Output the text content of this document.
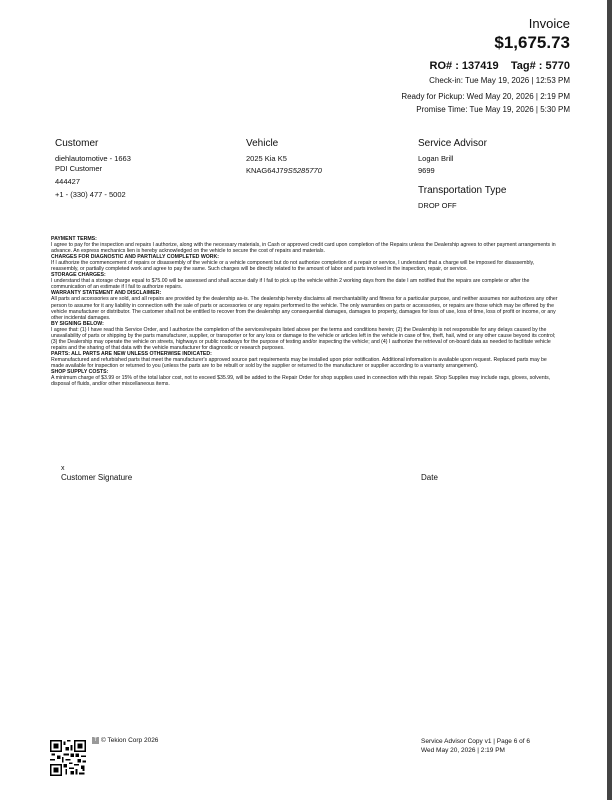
Invoice
$1,675.73
RO# : 137419 Tag# : 5770
Check-in: Tue May 19, 2026 | 12:53 PM
Ready for Pickup: Wed May 20, 2026 | 2:19 PM
Promise Time: Tue May 19, 2026 | 5:30 PM
Customer
diehlautomotive - 1663
PDI Customer
444427
+1 - (330) 477 - 5002
Vehicle
2025 Kia K5
KNAG64J79S5285770
Service Advisor
Logan Brill
9699
Transportation Type
DROP OFF

PAYMENT TERMS:

I agree to pay for the inspection and repairs I authorize, along with the necessary materials, in Cash or approved credit card upon completion of the Repairs unless the Dealership agrees to other payment arrangements in advance. An express mechanics lien is hereby acknowledged on the vehicle to secure the cost of repairs and materials.

CHARGES FOR DIAGNOSTIC AND PARTIALLY COMPLETED WORK:

If I authorize the commencement of repairs or disassembly of the vehicle or a vehicle component but do not authorize completion of a repair or service, I understand that a charge will be imposed for disassembly, reassembly, or partially completed work and agree to pay the same. Such charges will be directly related to the amount of labor and parts involved in the inspection, repair, or service.

STORAGE CHARGES:

I understand that a storage charge equal to $75.00 will be assessed and shall accrue daily if I fail to pick up the vehicle within 2 working days from the date I am notified that the repairs are complete or after the communication of an estimate if I fail to authorize repairs.

WARRANTY STATEMENT AND DISCLAIMER:

All parts and accessories are sold, and all repairs are provided by the dealership as-is. The dealership hereby disclaims all merchantability and fitness for a particular purpose, and neither assumes nor authorizes any other person to assume for it any liability in connection with the sale of parts or accessories or any repairs performed to the vehicle. The only warranties on parts or accessories, or repairs are those which may be offered by the vehicle manufacturer or distributor. The customer shall not be entitled to recover from the dealership any consequential damages, damages to property, damages for loss of use, loss of time, loss of profit or income, or any other incidental damages.

BY SIGNING BELOW:

I agree that: (1) I have read this Service Order, and I authorize the completion of the services/repairs listed above per the terms and conditions herein; (2) the Dealership is not responsible for any delays caused by the unavailability of parts or shipping by the parts manufacturer, supplier, or transporter or for any loss or damage to the vehicle or articles left in the vehicle in case of fire, theft, hail, wind or any other cause beyond its control; (3) the Dealership may operate the vehicle on streets, highways or public roadways for the purpose of testing and/or inspecting the vehicle; and (4) I authorize the retrieval of on-board data as needed to facilitate vehicle repairs and the sharing of that data with the vehicle manufacturer for diagnostic or research purposes.

PARTS: ALL PARTS ARE NEW UNLESS OTHERWISE INDICATED:

Remanufactured and refurbished parts that meet the manufacturer's approved source part requirements may be installed upon prior notification. Additional information is available upon request. Replaced parts may be made available for inspection or returned to you (unless the parts are to be rebuilt or sold by the supplier or returned to the manufacturer or supplier according to a warranty arrangement).

SHOP SUPPLY COSTS:

A minimum charge of $3.99 or 15% of the total labor cost, not to exceed $35.99, will be added to the Repair Order for shop supplies used in connection with this repair. Shop Supplies may include rags, gloves, solvents, disposal of fluids, and/or other miscellaneous items.

x
Customer Signature	Date
T © Tekion Corp 2026	Service Advisor Copy v1 | Page 6 of 6
Wed May 20, 2026 | 2:19 PM
